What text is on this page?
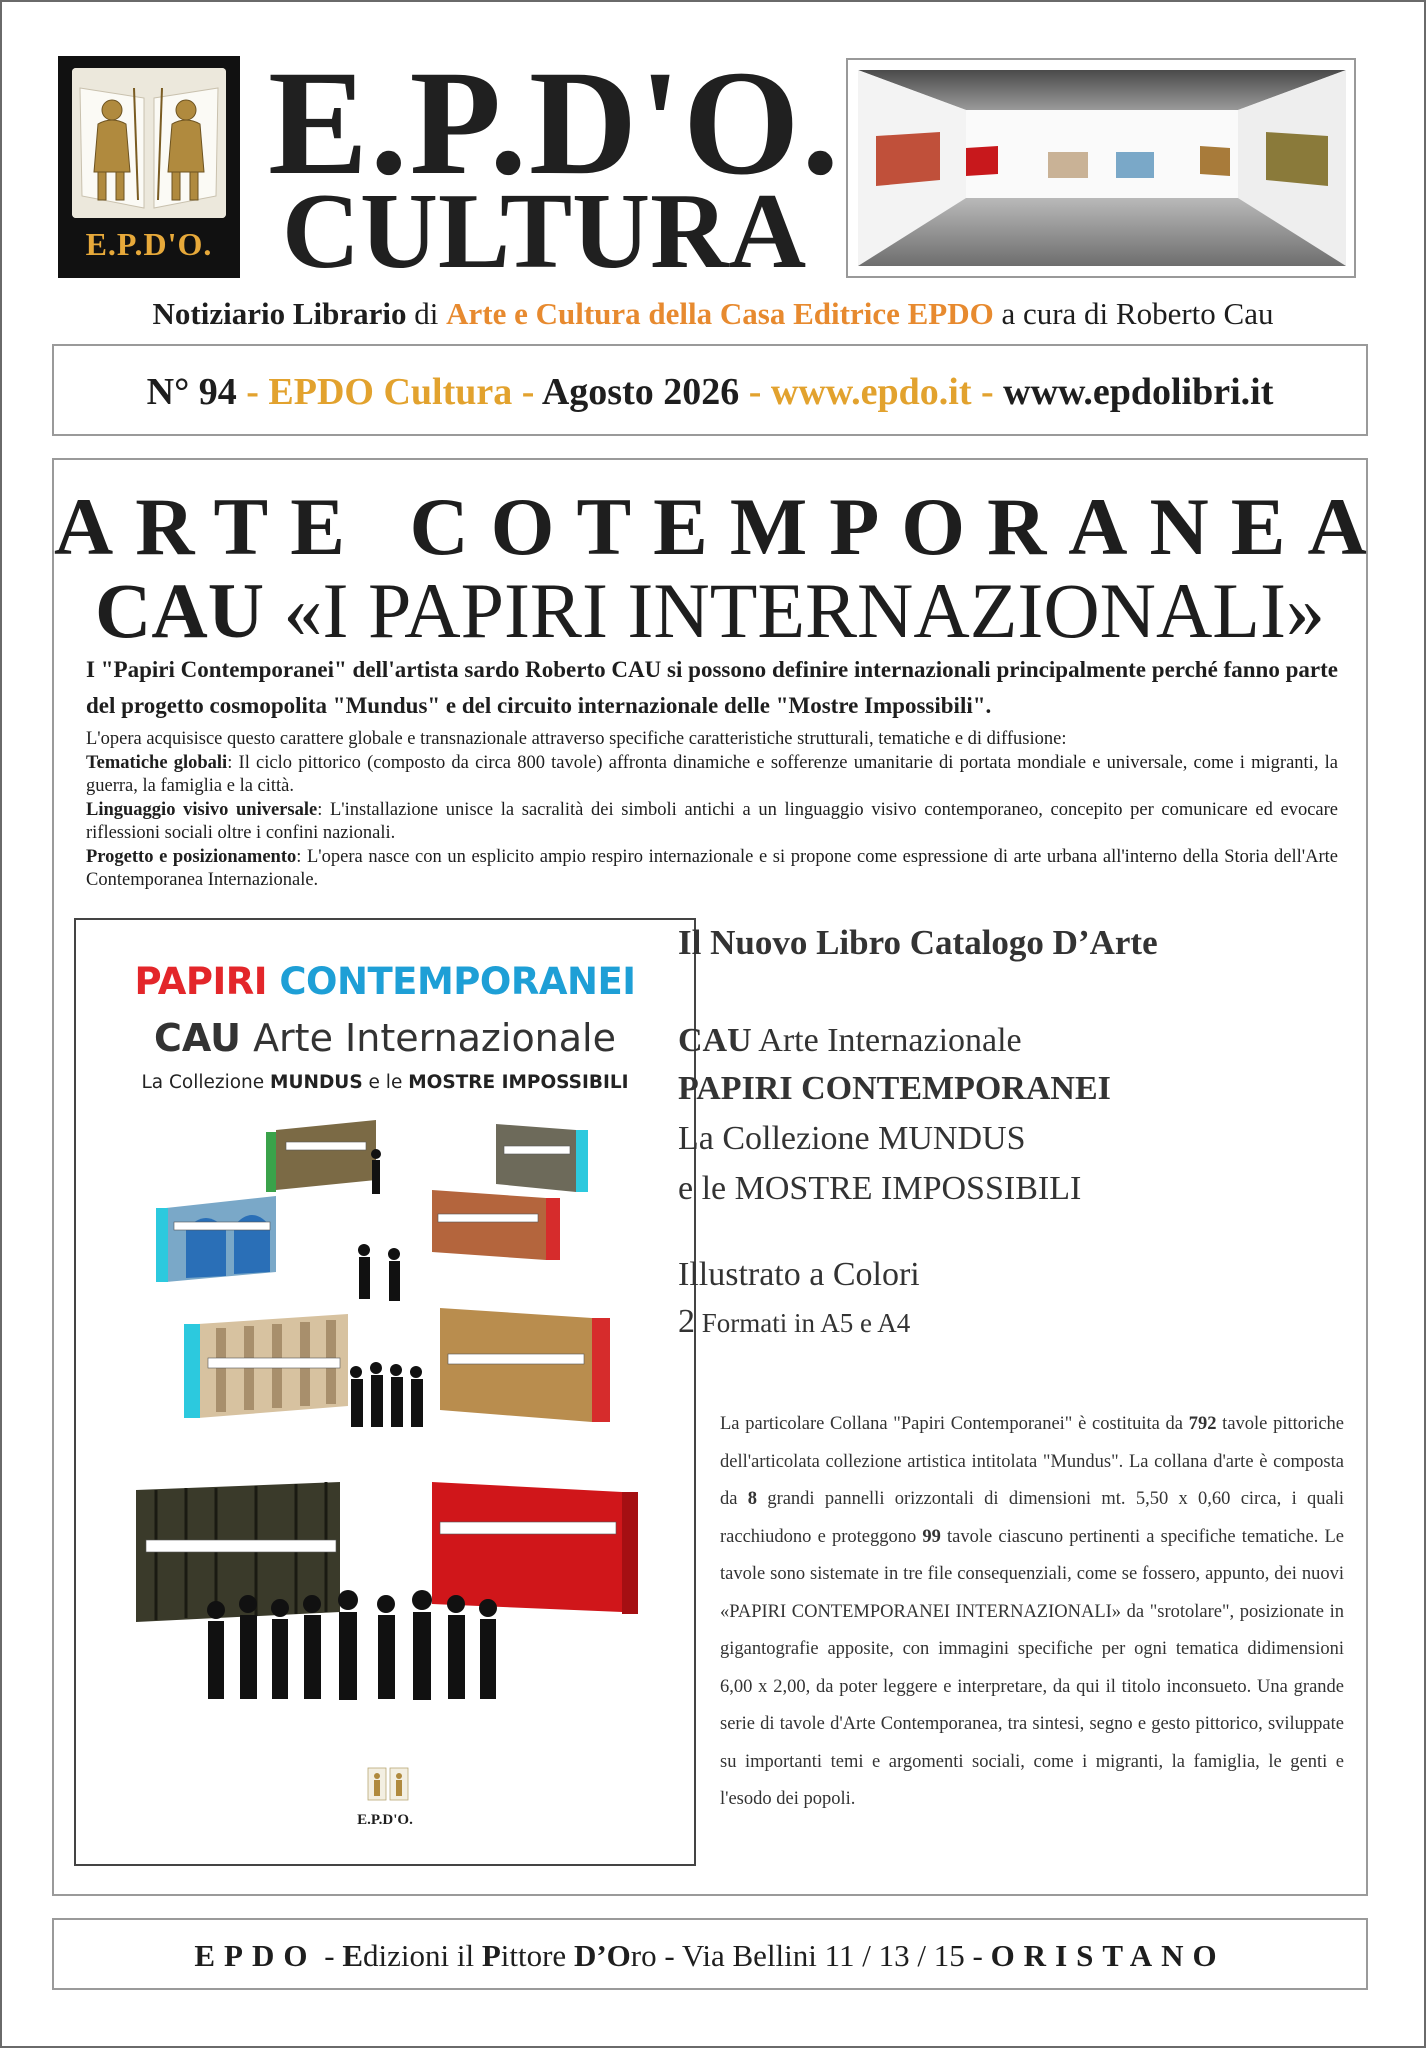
E.P.D'O.
E.P.D'O.
CULTURA
Notiziario Librario di Arte e Cultura della Casa Editrice EPDO a cura di Roberto Cau
N° 94 - EPDO Cultura - Agosto 2026 - www.epdo.it - www.epdolibri.it
ARTE COTEMPORANEA
CAU «I PAPIRI INTERNAZIONALI»
I "Papiri Contemporanei" dell'artista sardo Roberto CAU si possono definire internazionali principalmente perché fanno parte del progetto cosmopolita "Mundus" e del circuito internazionale delle "Mostre Impossibili".
L'opera acquisisce questo carattere globale e transnazionale attraverso specifiche caratteristiche strutturali, tematiche e di diffusione:
Tematiche globali: Il ciclo pittorico (composto da circa 800 tavole) affronta dinamiche e sofferenze umanitarie di portata mondiale e universale, come i migranti, la guerra, la famiglia e la città.
Linguaggio visivo universale: L'installazione unisce la sacralità dei simboli antichi a un linguaggio visivo contemporaneo, concepito per comunicare ed evocare riflessioni sociali oltre i confini nazionali.
Progetto e posizionamento: L'opera nasce con un esplicito ampio respiro internazionale e si propone come espressione di arte urbana all'interno della Storia dell'Arte Contemporanea Internazionale.
PAPIRI CONTEMPORANEI
CAU Arte Internazionale
La Collezione MUNDUS e le MOSTRE IMPOSSIBILI
E.P.D'O.
Il Nuovo Libro Catalogo D’Arte
CAU Arte Internazionale
PAPIRI CONTEMPORANEI
La Collezione MUNDUS
e le MOSTRE IMPOSSIBILI
Illustrato a Colori
2 Formati in A5 e A4
La particolare Collana "Papiri Contemporanei" è costituita da 792 tavole pittoriche dell'articolata collezione artistica intitolata "Mundus". La collana d'arte è composta da 8 grandi pannelli orizzontali di dimensioni mt. 5,50 x 0,60 circa, i quali racchiudono e proteggono 99 tavole ciascuno pertinenti a specifiche tematiche. Le tavole sono sistemate in tre file consequenziali, come se fossero, appunto, dei nuovi «PAPIRI CONTEMPORANEI INTERNAZIONALI» da "srotolare", posizionate in gigantografie apposite, con immagini specifiche per ogni tematica didimensioni 6,00 x 2,00, da poter leggere e interpretare, da qui il titolo inconsueto. Una grande serie di tavole d'Arte Contemporanea, tra sintesi, segno e gesto pittorico, sviluppate su importanti temi e argomenti sociali, come i migranti, la famiglia, le genti e l'esodo dei popoli.
EPDO - Edizioni il Pittore D’Oro - Via Bellini 11 / 13 / 15 - ORISTANO
